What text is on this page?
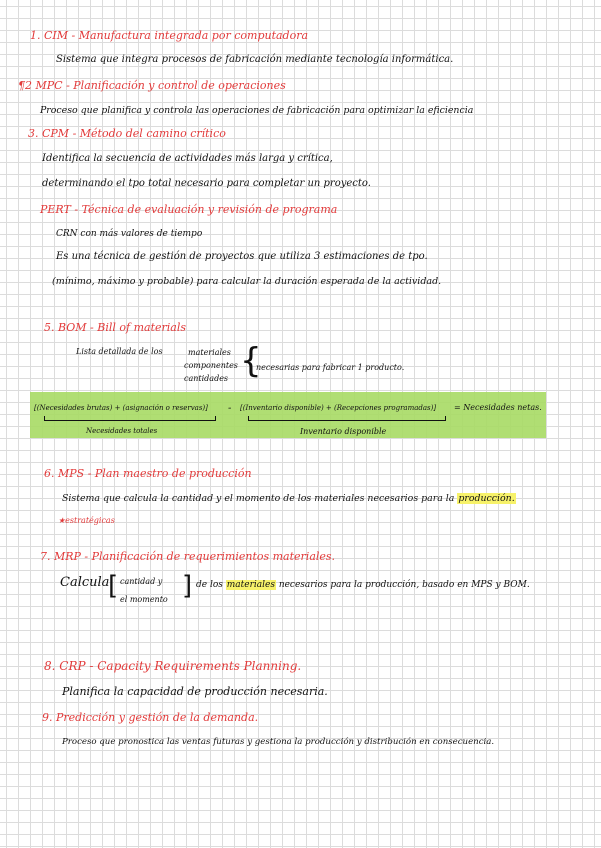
1. CIM - Manufactura integrada por computadora
Sistema que integra procesos de fabricación mediante tecnología informática.
¶2 MPC - Planificación y control de operaciones
Proceso que planifica y controla las operaciones de fabricación para optimizar la eficiencia
3. CPM - Método del camino crítico
Identifica la secuencia de actividades más larga y crítica,
determinando el tpo total necesario para completar un proyecto.
PERT - Técnica de evaluación y revisión de programa
CRN con más valores de tiempo
Es una técnica de gestión de proyectos que utiliza 3 estimaciones de tpo.
(mínimo, máximo y probable) para calcular la duración esperada de la actividad.
5. BOM - Bill of materials
Lista detallada de los	materiales
componentes
cantidades {
necesarias para fabricar 1 producto.
[(Necesidades brutas) + (asignación o reservas)] - [(Inventario disponible) + (Recepciones programadas)] = Necesidades netas.
Necesidades totales	Inventario disponible
6. MPS - Plan maestro de producción
Sistema que calcula la cantidad y el momento de los materiales necesarios para la producción.
★estratégicas
7. MRP - Planificación de requerimientos materiales.
Calcula
[ cantidad y
el momento ] de los materiales necesarios para la producción, basado en MPS y BOM.
8. CRP - Capacity Requirements Planning.
Planifica la capacidad de producción necesaria.
9. Predicción y gestión de la demanda.
Proceso que pronostica las ventas futuras y gestiona la producción y distribución en consecuencia.
